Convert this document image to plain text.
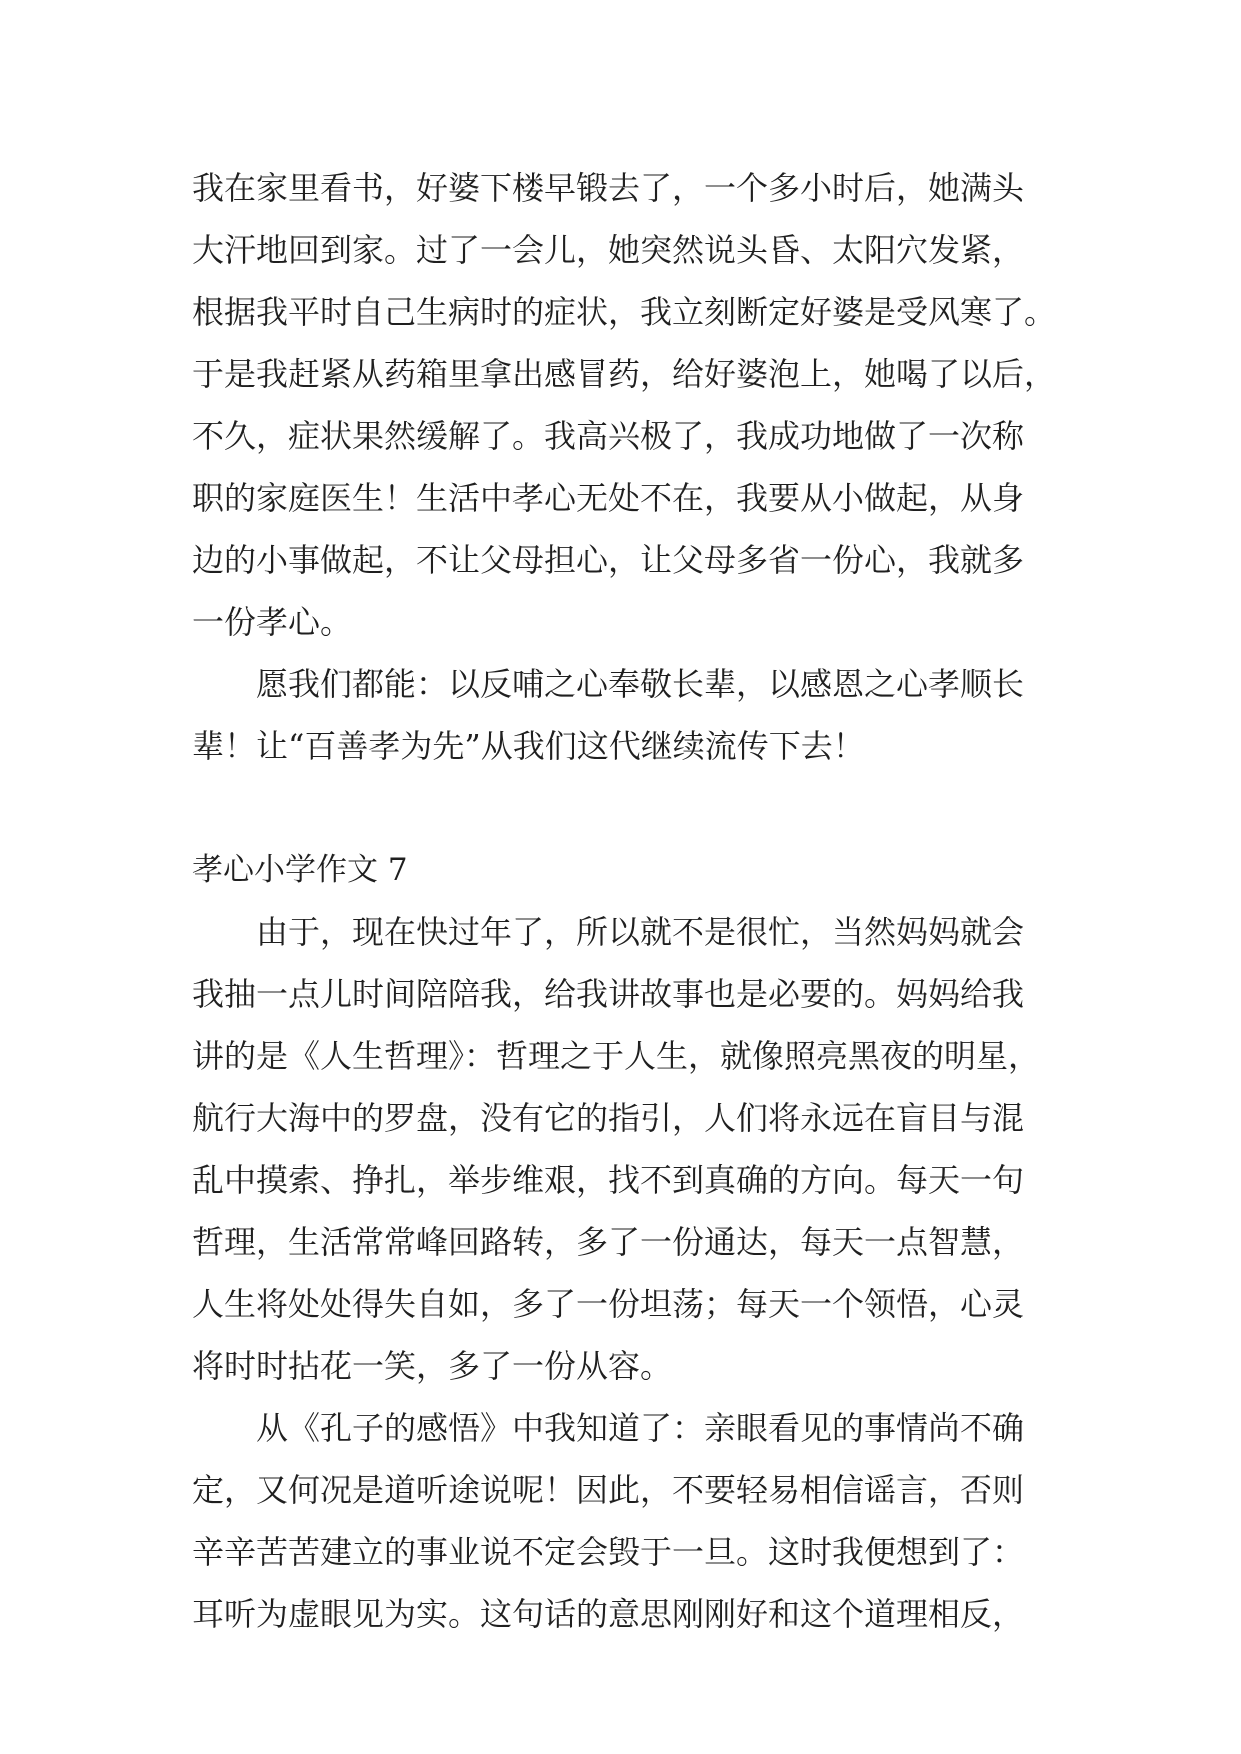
我在家里看书，好婆下楼早锻去了，一个多小时后，她满头
大汗地回到家。过了一会儿，她突然说头昏、太阳穴发紧，
根据我平时自己生病时的症状，我立刻断定好婆是受风寒了。
于是我赶紧从药箱里拿出感冒药，给好婆泡上，她喝了以后，
不久，症状果然缓解了。我高兴极了，我成功地做了一次称
职的家庭医生！生活中孝心无处不在，我要从小做起，从身
边的小事做起，不让父母担心，让父母多省一份心，我就多
一份孝心。
愿我们都能：以反哺之心奉敬长辈，以感恩之心孝顺长
辈！让“百善孝为先”从我们这代继续流传下去！
孝心小学作文 7
由于，现在快过年了，所以就不是很忙，当然妈妈就会
我抽一点儿时间陪陪我，给我讲故事也是必要的。妈妈给我
讲的是《人生哲理》：哲理之于人生，就像照亮黑夜的明星，
航行大海中的罗盘，没有它的指引，人们将永远在盲目与混
乱中摸索、挣扎，举步维艰，找不到真确的方向。每天一句
哲理，生活常常峰回路转，多了一份通达，每天一点智慧，
人生将处处得失自如，多了一份坦荡；每天一个领悟，心灵
将时时拈花一笑，多了一份从容。
从《孔子的感悟》中我知道了：亲眼看见的事情尚不确
定，又何况是道听途说呢！因此，不要轻易相信谣言，否则
辛辛苦苦建立的事业说不定会毁于一旦。这时我便想到了：
耳听为虚眼见为实。这句话的意思刚刚好和这个道理相反，
